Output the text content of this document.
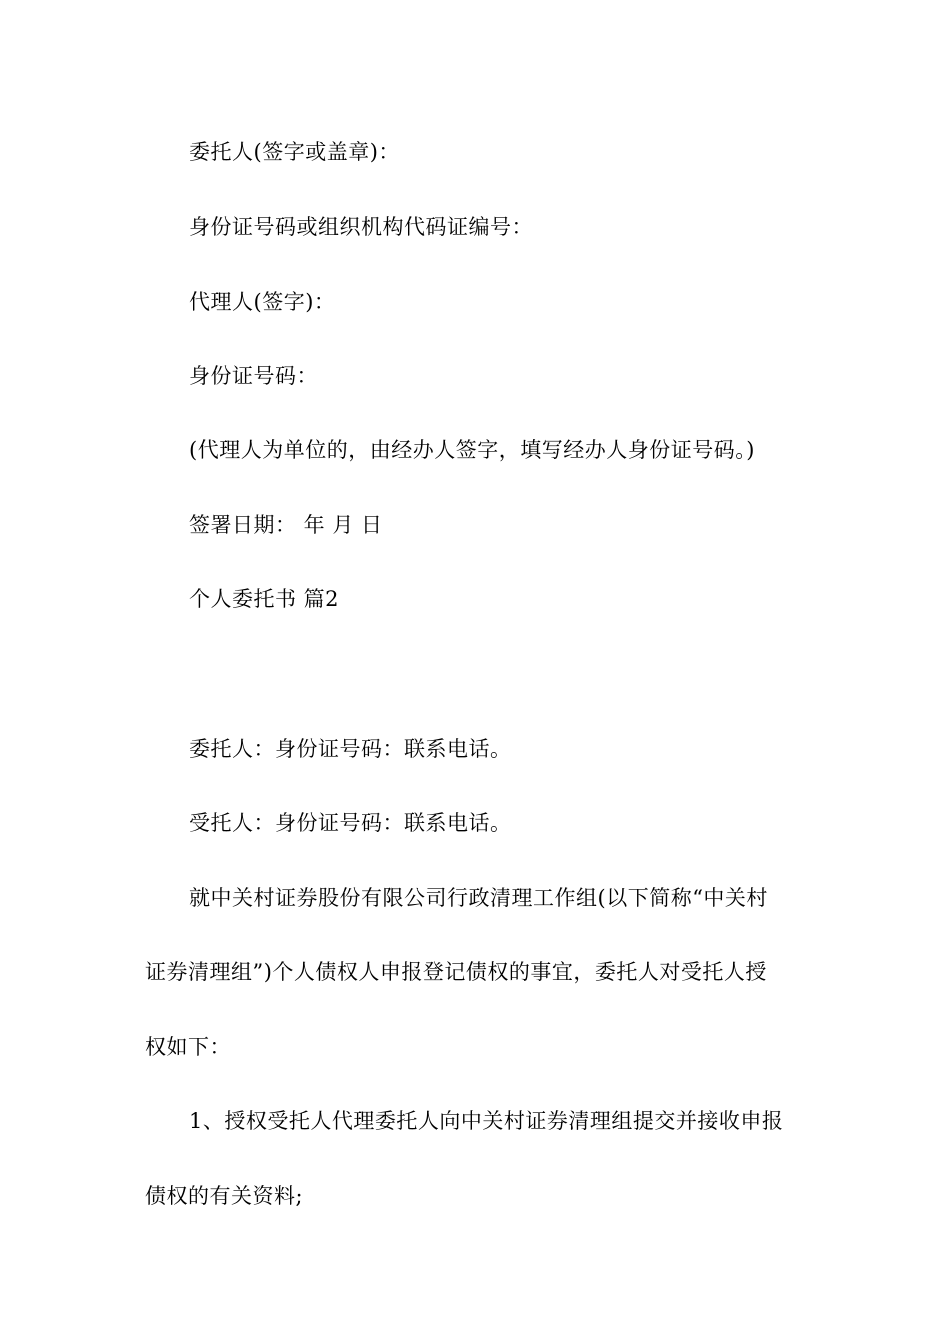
委托人(签字或盖章)：
身份证号码或组织机构代码证编号：
代理人(签字)：
身份证号码：
(代理人为单位的，由经办人签字，填写经办人身份证号码。)
签署日期： 年 月 日
个人委托书 篇2
委托人：身份证号码：联系电话。
受托人：身份证号码：联系电话。
就中关村证券股份有限公司行政清理工作组(以下简称“中关村
证券清理组”)个人债权人申报登记债权的事宜，委托人对受托人授
权如下：
1、授权受托人代理委托人向中关村证券清理组提交并接收申报
债权的有关资料;
